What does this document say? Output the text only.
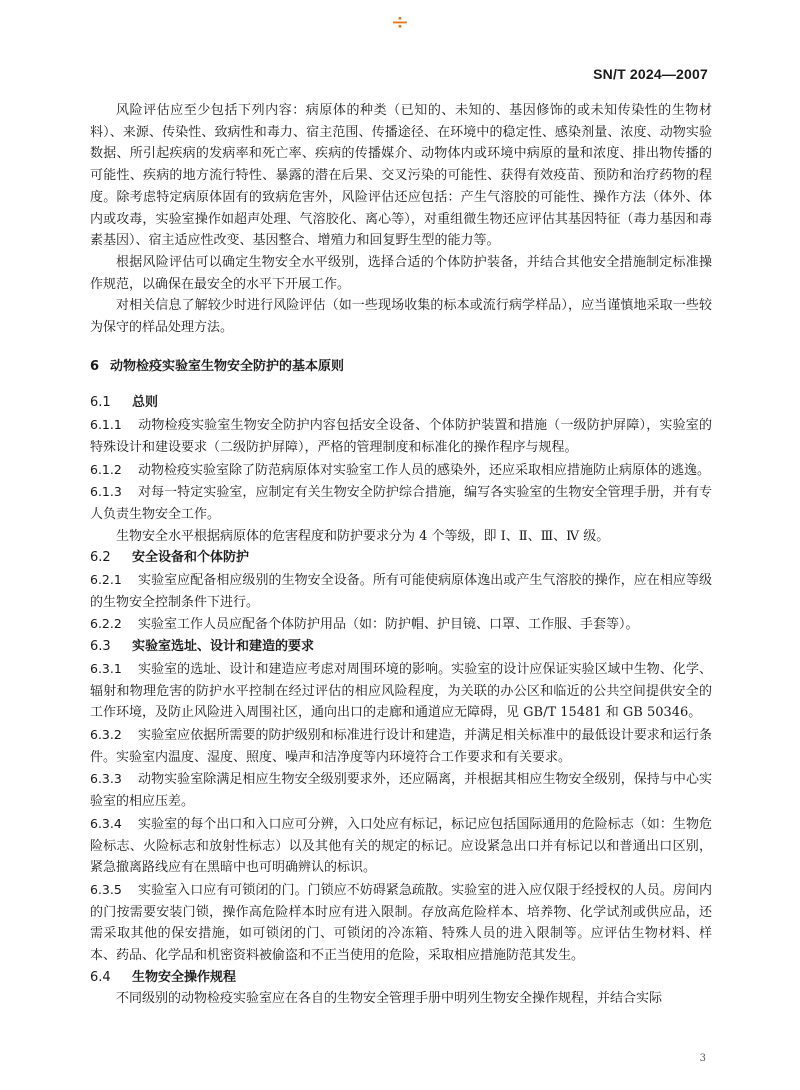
÷
SN/T 2024—2007

风险评估应至少包括下列内容：病原体的种类（已知的、未知的、基因修饰的或未知传染性的生物材料）、来源、传染性、致病性和毒力、宿主范围、传播途径、在环境中的稳定性、感染剂量、浓度、动物实验数据、所引起疾病的发病率和死亡率、疾病的传播媒介、动物体内或环境中病原的量和浓度、排出物传播的可能性、疾病的地方流行特性、暴露的潜在后果、交叉污染的可能性、获得有效疫苗、预防和治疗药物的程度。除考虑特定病原体固有的致病危害外，风险评估还应包括：产生气溶胶的可能性、操作方法（体外、体内或攻毒，实验室操作如超声处理、气溶胶化、离心等），对重组微生物还应评估其基因特征（毒力基因和毒素基因）、宿主适应性改变、基因整合、增殖力和回复野生型的能力等。

根据风险评估可以确定生物安全水平级别，选择合适的个体防护装备，并结合其他安全措施制定标准操作规范，以确保在最安全的水平下开展工作。

对相关信息了解较少时进行风险评估（如一些现场收集的标本或流行病学样品），应当谨慎地采取一些较为保守的样品处理方法。

6 动物检疫实验室生物安全防护的基本原则
6.1 总则

6.1.1 动物检疫实验室生物安全防护内容包括安全设备、个体防护装置和措施（一级防护屏障），实验室的特殊设计和建设要求（二级防护屏障），严格的管理制度和标准化的操作程序与规程。

6.1.2 动物检疫实验室除了防范病原体对实验室工作人员的感染外，还应采取相应措施防止病原体的逃逸。

6.1.3 对每一特定实验室，应制定有关生物安全防护综合措施，编写各实验室的生物安全管理手册，并有专人负责生物安全工作。

生物安全水平根据病原体的危害程度和防护要求分为 4 个等级，即 Ⅰ、Ⅱ、Ⅲ、Ⅳ 级。

6.2 安全设备和个体防护

6.2.1 实验室应配备相应级别的生物安全设备。所有可能使病原体逸出或产生气溶胶的操作，应在相应等级的生物安全控制条件下进行。

6.2.2 实验室工作人员应配备个体防护用品（如：防护帽、护目镜、口罩、工作服、手套等）。

6.3 实验室选址、设计和建造的要求

6.3.1 实验室的选址、设计和建造应考虑对周围环境的影响。实验室的设计应保证实验区域中生物、化学、辐射和物理危害的防护水平控制在经过评估的相应风险程度，为关联的办公区和临近的公共空间提供安全的工作环境，及防止风险进入周围社区，通向出口的走廊和通道应无障碍，见 GB/T 15481 和 GB 50346。

6.3.2 实验室应依据所需要的防护级别和标准进行设计和建造，并满足相关标准中的最低设计要求和运行条件。实验室内温度、湿度、照度、噪声和洁净度等内环境符合工作要求和有关要求。

6.3.3 动物实验室除满足相应生物安全级别要求外，还应隔离，并根据其相应生物安全级别，保持与中心实验室的相应压差。

6.3.4 实验室的每个出口和入口应可分辨，入口处应有标记，标记应包括国际通用的危险标志（如：生物危险标志、火险标志和放射性标志）以及其他有关的规定的标记。应设紧急出口并有标记以和普通出口区别，紧急撤离路线应有在黑暗中也可明确辨认的标识。

6.3.5 实验室入口应有可锁闭的门。门锁应不妨碍紧急疏散。实验室的进入应仅限于经授权的人员。房间内的门按需要安装门锁，操作高危险样本时应有进入限制。存放高危险样本、培养物、化学试剂或供应品，还需采取其他的保安措施，如可锁闭的门、可锁闭的冷冻箱、特殊人员的进入限制等。应评估生物材料、样本、药品、化学品和机密资料被偷盗和不正当使用的危险，采取相应措施防范其发生。

6.4 生物安全操作规程

不同级别的动物检疫实验室应在各自的生物安全管理手册中明列生物安全操作规程，并结合实际

3
